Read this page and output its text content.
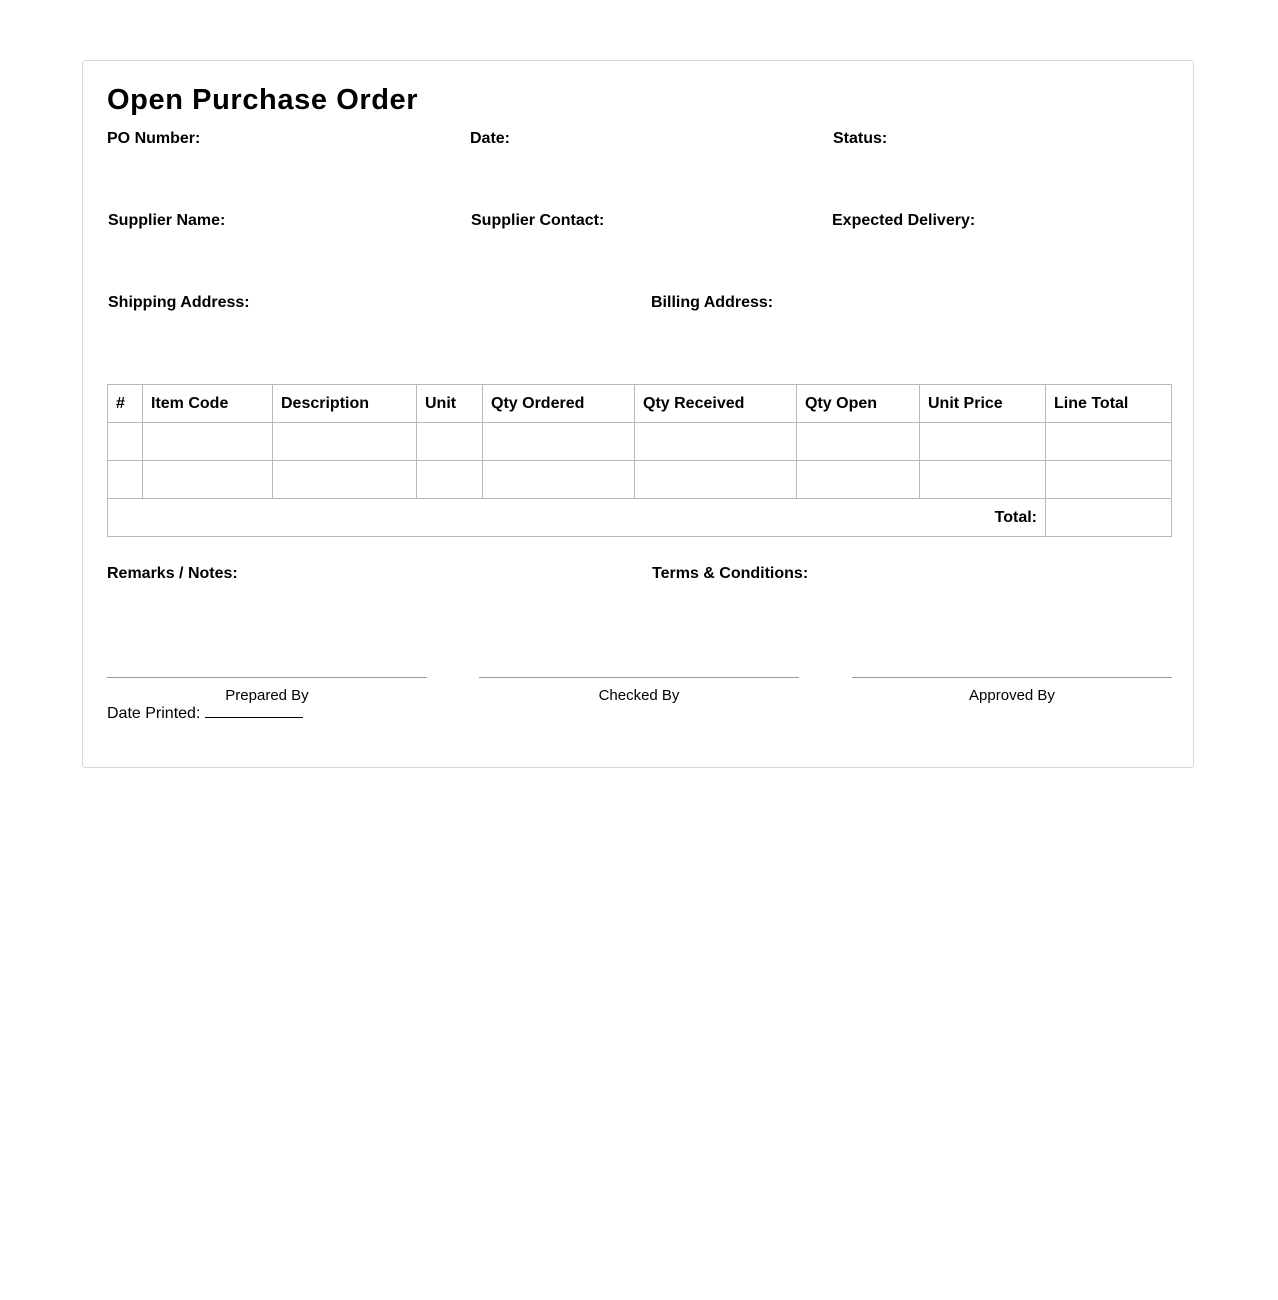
Open Purchase Order
PO Number:	Date:	Status:
Supplier Name:	Supplier Contact:	Expected Delivery:
Shipping Address:	Billing Address:
#	Item Code	Description	Unit	Qty Ordered	Qty Received	Qty Open	Unit Price	Line Total

Total:								
Remarks / Notes:	Terms & Conditions:
Prepared By	Checked By	Approved By
Date Printed:
